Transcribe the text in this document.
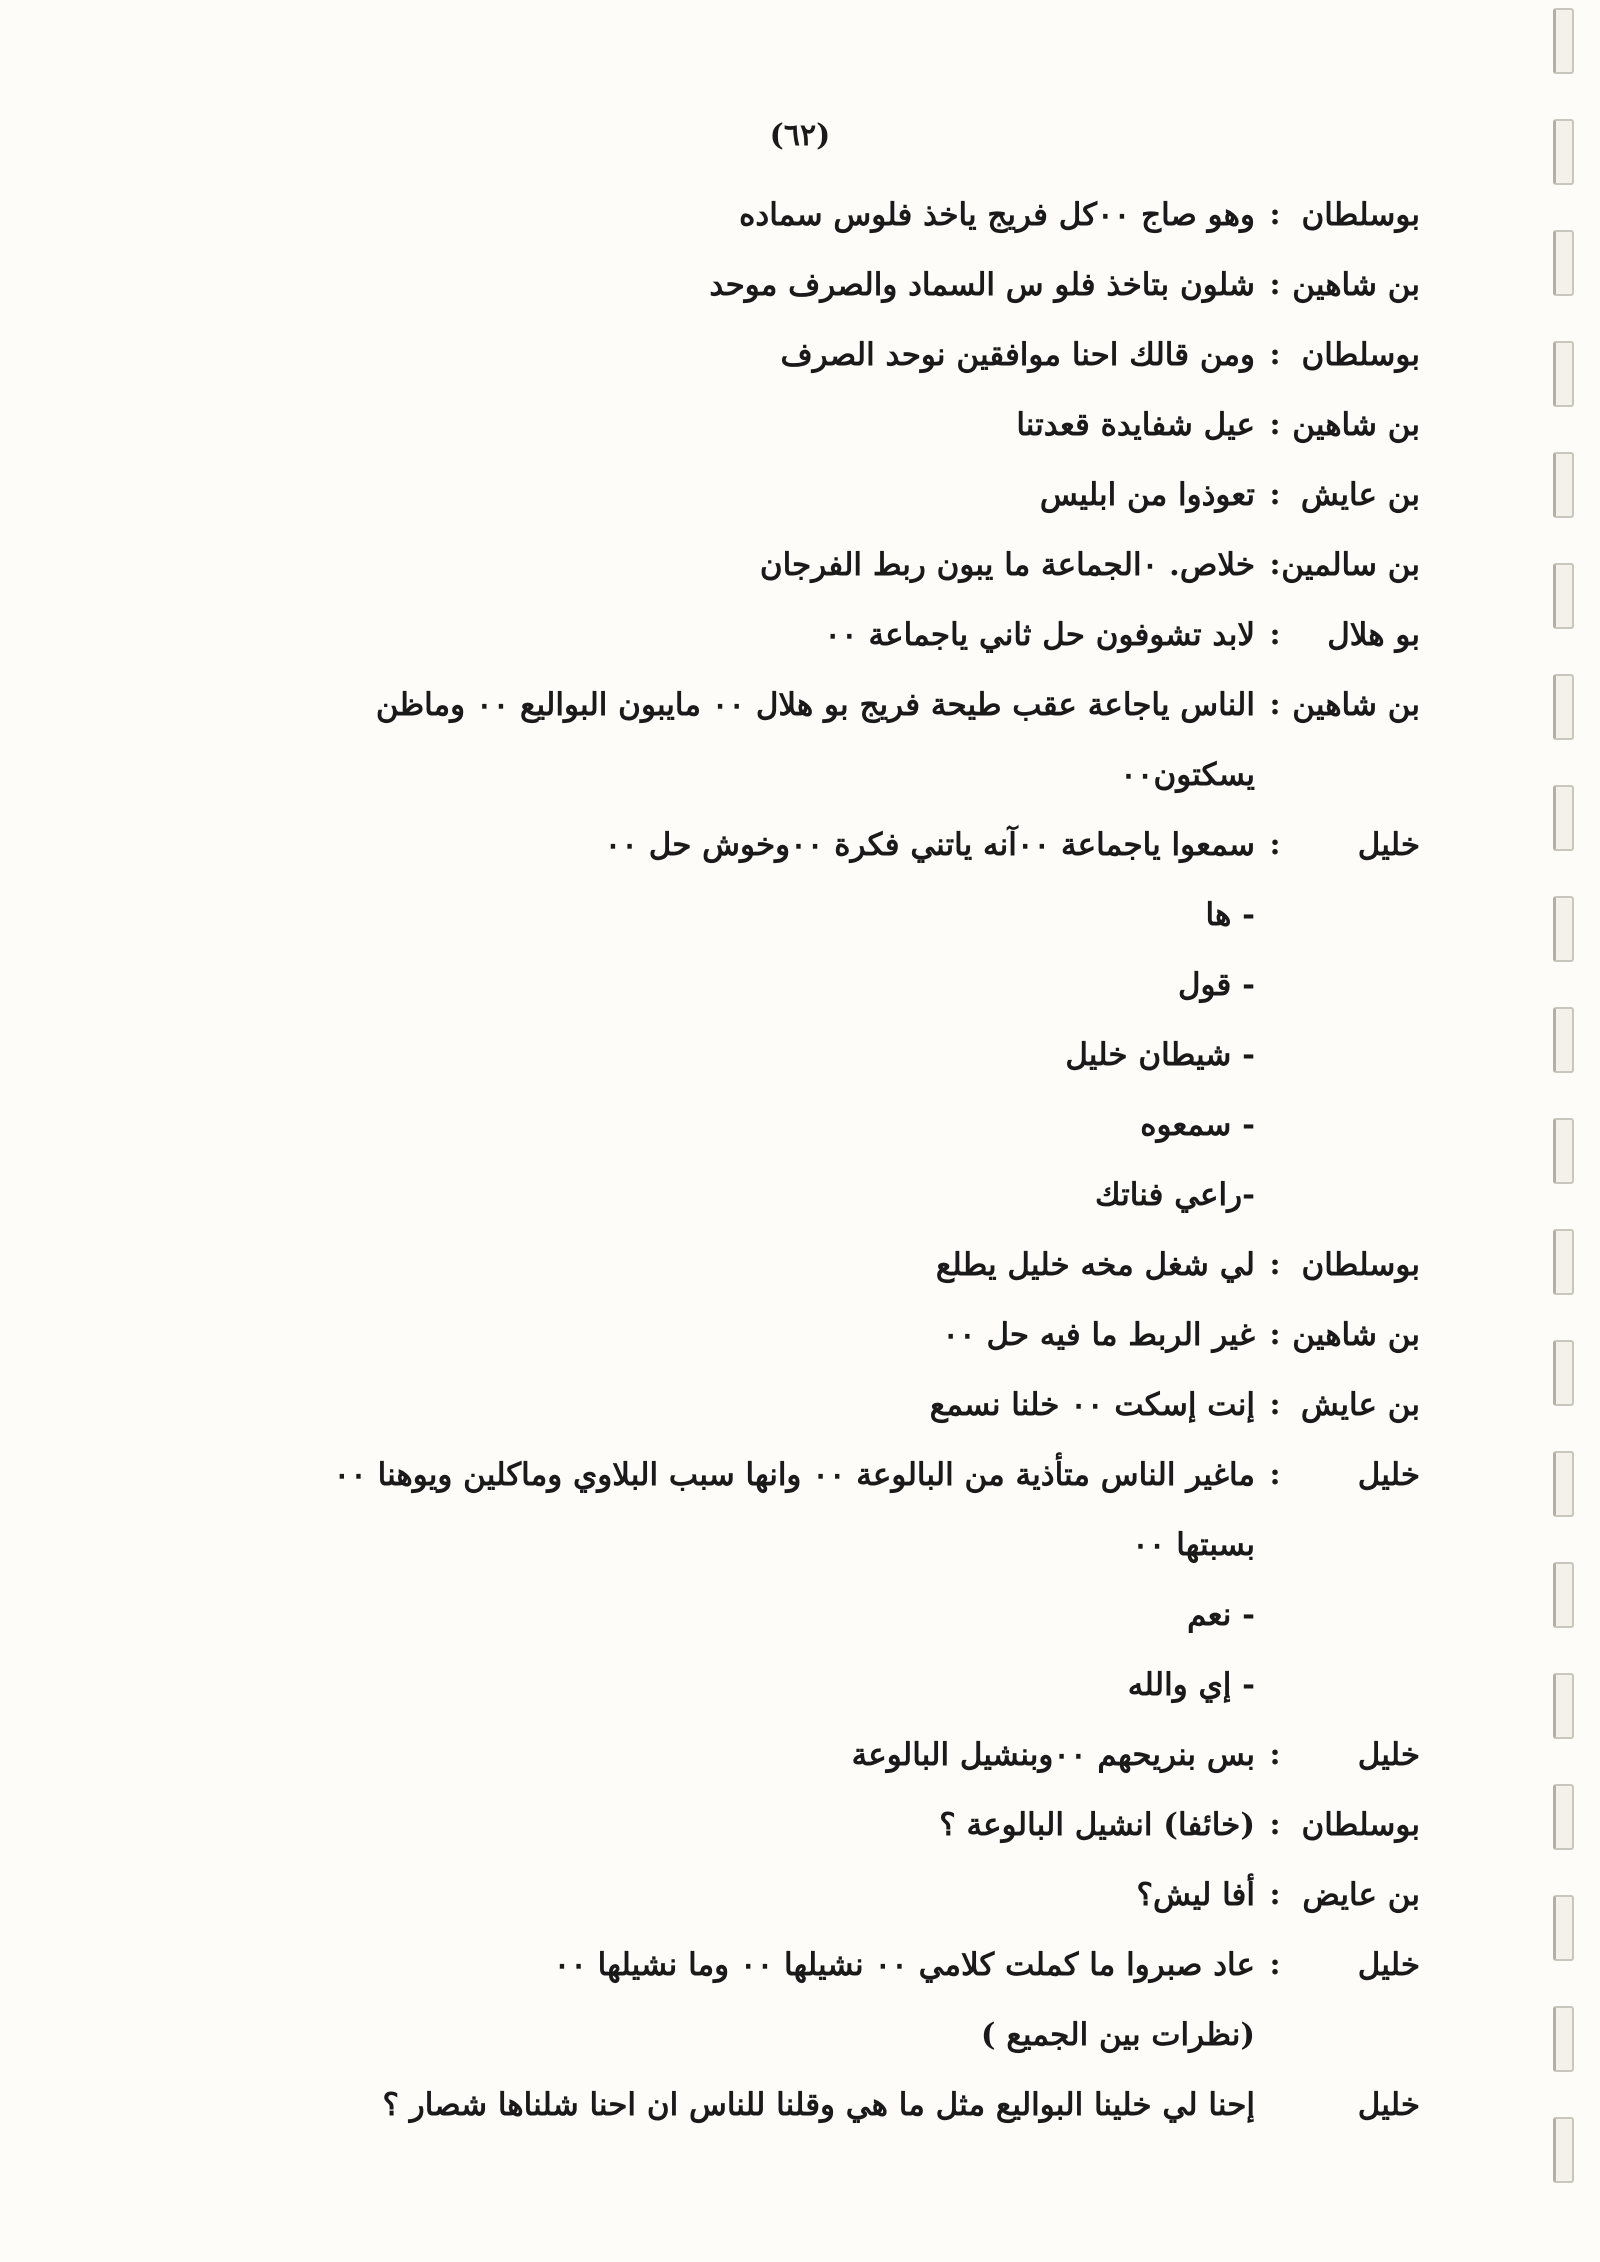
(٦٢)
بوسلطان
:
وهو صاج ٠٠كل فريج ياخذ فلوس سماده
بن شاهين
:
شلون بتاخذ فلو س السماد والصرف موحد
بوسلطان
:
ومن قالك احنا موافقين نوحد الصرف
بن شاهين
:
عيل شفايدة قعدتنا
بن عايش
:
تعوذوا من ابليس
بن سالمين
:
خلاص. ٠الجماعة ما يبون ربط الفرجان
بو هلال
:
لابد تشوفون حل ثاني ياجماعة ٠٠
بن شاهين
:
الناس ياجاعة عقب طيحة فريج بو هلال ٠٠ مايبون البواليع ٠٠ وماظن
يسكتون٠٠
خليل
:
سمعوا ياجماعة ٠٠آنه ياتني فكرة ٠٠وخوش حل ٠٠
- ها
- قول
- شيطان خليل
- سمعوه
-راعي فناتك
بوسلطان
:
لي شغل مخه خليل يطلع
بن شاهين
:
غير الربط ما فيه حل ٠٠
بن عايش
:
إنت إسكت ٠٠ خلنا نسمع
خليل
:
ماغير الناس متأذية من البالوعة ٠٠ وانها سبب البلاوي وماكلين ويوهنا ٠٠
بسبتها ٠٠
- نعم
- إي والله
خليل
:
بس بنريحهم ٠٠وبنشيل البالوعة
بوسلطان
:
(خائفا) انشيل البالوعة ؟
بن عايض
:
أفا ليش؟
خليل
:
عاد صبروا ما كملت كلامي ٠٠ نشيلها ٠٠ وما نشيلها ٠٠
(نظرات بين الجميع )
خليل
إحنا لي خلينا البواليع مثل ما هي وقلنا للناس ان احنا شلناها شصار ؟
